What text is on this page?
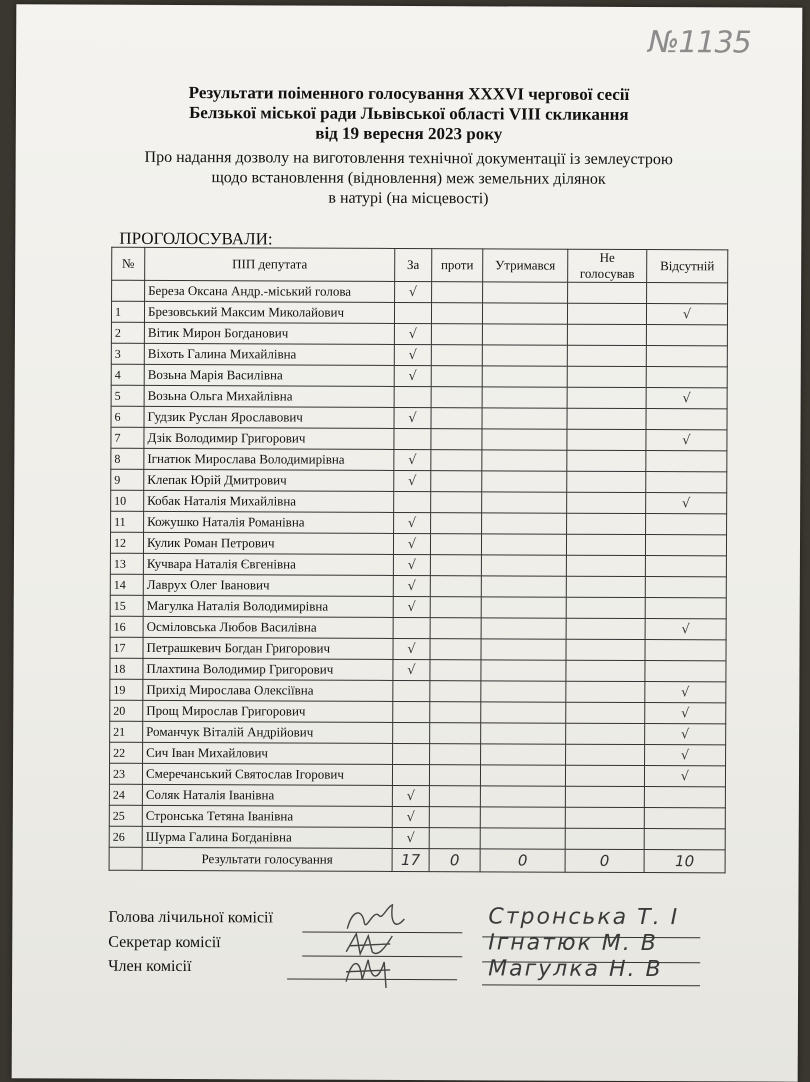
№1135
Результати поіменного голосування XXXVI чергової сесії
Белзької міської ради Львівської області VIII скликання
від 19 вересня 2023 року
Про надання дозволу на виготовлення технічної документації із землеустрою
щодо встановлення (відновлення) меж земельних ділянок
в натурі (на місцевості)
ПРОГОЛОСУВАЛИ:
№	ПІП депутата	За	проти	Утримався	Не голосував	Відсутній
	Береза Оксана Андр.-міський голова	√				
1	Брезовський Максим Миколайович					√
2	Вітик Мирон Богданович	√				
3	Віхоть Галина Михайлівна	√				
4	Возьна Марія Василівна	√				
5	Возьна Ольга Михайлівна					√
6	Гудзик Руслан Ярославович	√				
7	Дзік Володимир Григорович					√
8	Ігнатюк Мирослава Володимирівна	√				
9	Клепак Юрій Дмитрович	√				
10	Кобак Наталія Михайлівна					√
11	Кожушко Наталія Романівна	√				
12	Кулик Роман Петрович	√				
13	Кучвара Наталія Євгенівна	√				
14	Лаврух Олег Іванович	√				
15	Магулка Наталія Володимирівна	√				
16	Осміловська Любов Василівна					√
17	Петрашкевич Богдан Григорович	√				
18	Плахтина Володимир Григорович	√				
19	Прихід Мирослава Олексіївна					√
20	Прощ Мирослав Григорович					√
21	Романчук Віталій Андрійович					√
22	Сич Іван Михайлович					√
23	Смеречанський Святослав Ігорович					√
24	Соляк Наталія Іванівна	√				
25	Стронська Тетяна Іванівна	√				
26	Шурма Галина Богданівна	√				
	Результати голосування	17	0	0	0	10
Голова лічильної комісії
Секретар комісії
Член комісії
Стронська Т. І
Ігнатюк М. В
Магулка Н. В
